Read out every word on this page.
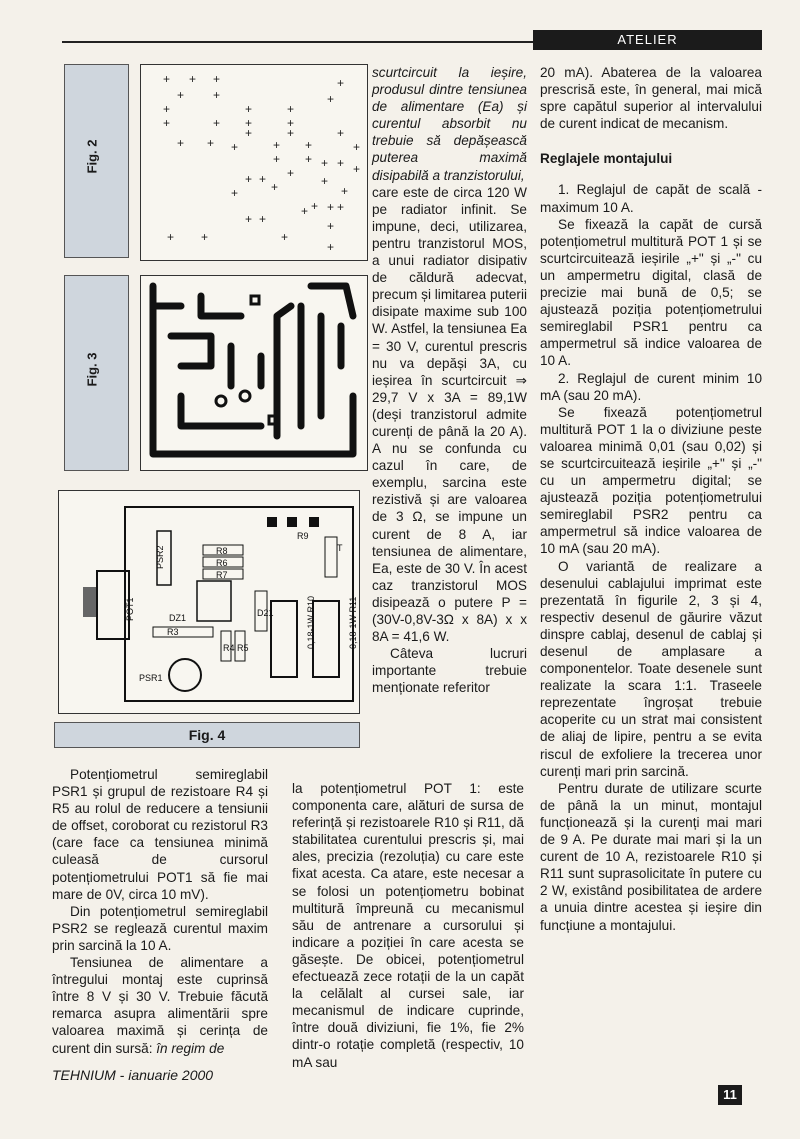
ATELIER
Fig. 2
+ + +
+ +
+
+	+	+
+
+	+ +	+
+	+	+
+ + +	+ +	+
+ + + + +
+ + +
+
+	+	+
+ + + +
+ +	+
+ +	+
+
Fig. 3
PSR2	R8
R6
R7
POT1
R3
R4 R5
D21
DZ1
PSR1
R9
T
0,18-1W R10	0,18-1W R11
Fig. 4

scurtcircuit la ieșire, produsul dintre tensiunea de alimentare (Ea) și curentul absorbit nu trebuie să depășească puterea maximă disipabilă a tranzistorului,

care este de circa 120 W pe radiator infinit. Se impune, deci, utilizarea, pentru tranzistorul MOS, a unui radiator disipativ de căldură adecvat, precum și limitarea puterii disipate maxime sub 100 W. Astfel, la tensiunea Ea = 30 V, curentul prescris nu va depăși 3A, cu ieșirea în scurtcircuit ⇒ 29,7 V x 3A = 89,1W (deși tranzistorul admite curenți de până la 20 A). A nu se confunda cu cazul în care, de exemplu, sarcina este rezistivă și are valoarea de 3 Ω, se impune un curent de 8 A, iar tensiunea de alimentare, Ea, este de 30 V. În acest caz tranzistorul MOS disipează o putere P = (30V-0,8V-3Ω x 8A) x x 8A = 41,6 W.

Câteva lucruri importante trebuie menționate referitor

Potențiometrul semireglabil PSR1 și grupul de rezistoare R4 și R5 au rolul de reducere a tensiunii de offset, coroborat cu rezistorul R3 (care face ca tensiunea minimă culeasă de cursorul potențiometrului POT1 să fie mai mare de 0V, circa 10 mV).

Din potențiometrul semireglabil PSR2 se reglează curentul maxim prin sarcină la 10 A.

Tensiunea de alimentare a întregului montaj este cuprinsă între 8 V și 30 V. Trebuie făcută remarca asupra alimentării spre valoarea maximă și cerința de curent din sursă: în regim de

la potențiometrul POT 1: este componenta care, alături de sursa de referință și rezistoarele R10 și R11, dă stabilitatea curentului prescris și, mai ales, precizia (rezoluția) cu care este fixat acesta. Ca atare, este necesar a se folosi un potențiometru bobinat multitură împreună cu mecanismul său de antrenare a cursorului și indicare a poziției în care acesta se găsește. De obicei, potențiometrul efectuează zece rotații de la un capăt la celălalt al cursei sale, iar mecanismul de indicare cuprinde, între două diviziuni, fie 1%, fie 2% dintr-o rotație completă (respectiv, 10 mA sau

20 mA). Abaterea de la valoarea prescrisă este, în general, mai mică spre capătul superior al intervalului de curent indicat de mecanism.

Reglajele montajului

1. Reglajul de capăt de scală - maximum 10 A.

Se fixează la capăt de cursă potențiometrul multitură POT 1 și se scurtcircuitează ieșirile „+" și „-" cu un ampermetru digital, clasă de precizie mai bună de 0,5; se ajustează poziția potențiometrului semireglabil PSR1 pentru ca ampermetrul să indice valoarea de 10 A.

2. Reglajul de curent minim 10 mA (sau 20 mA).

Se fixează potențiometrul multitură POT 1 la o diviziune peste valoarea minimă 0,01 (sau 0,02) și se scurtcircuitează ieșirile „+" și „-" cu un ampermetru digital; se ajustează poziția potențiometrului semireglabil PSR2 pentru ca ampermetrul să indice valoarea de 10 mA (sau 20 mA).

O variantă de realizare a desenului cablajului imprimat este prezentată în figurile 2, 3 și 4, respectiv desenul de găurire văzut dinspre cablaj, desenul de cablaj și desenul de amplasare a componentelor. Toate desenele sunt realizate la scara 1:1. Traseele reprezentate îngroșat trebuie acoperite cu un strat mai consistent de aliaj de lipire, pentru a se evita riscul de exfoliere la trecerea unor curenți mari prin sarcină.

Pentru durate de utilizare scurte de până la un minut, montajul funcționează și la curenți mai mari de 9 A. Pe durate mai mari și la un curent de 10 A, rezistoarele R10 și R11 sunt suprasolicitate în putere cu 2 W, existând posibilitatea de ardere a unuia dintre acestea și ieșire din funcțiune a montajului.

TEHNIUM - ianuarie 2000
11
